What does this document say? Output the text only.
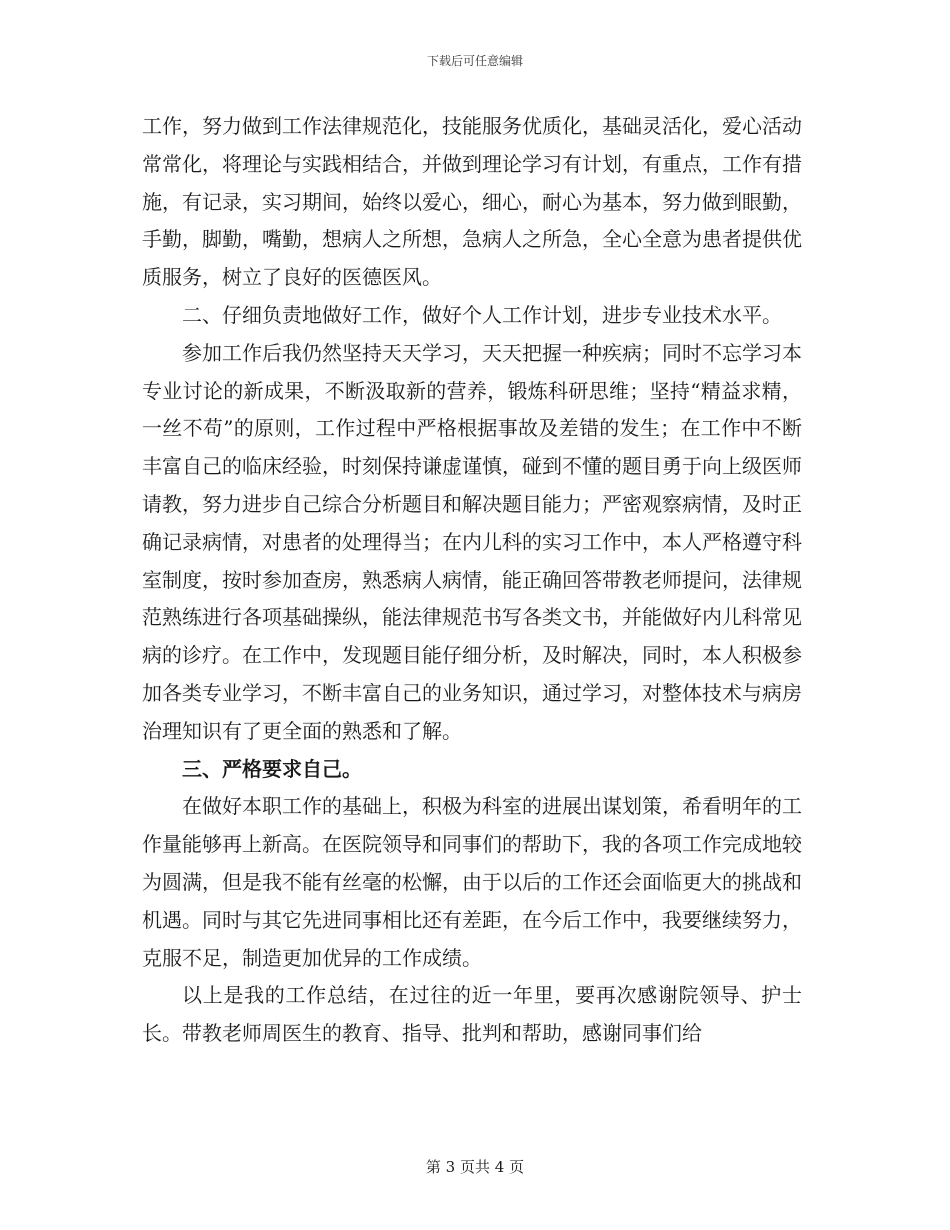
下载后可任意编辑

工作，努力做到工作法律规范化，技能服务优质化，基础灵活化，爱心活动常常化，将理论与实践相结合，并做到理论学习有计划，有重点，工作有措施，有记录，实习期间，始终以爱心，细心，耐心为基本，努力做到眼勤，手勤，脚勤，嘴勤，想病人之所想，急病人之所急，全心全意为患者提供优质服务，树立了良好的医德医风。

二、仔细负责地做好工作，做好个人工作计划，进步专业技术水平。

参加工作后我仍然坚持天天学习，天天把握一种疾病；同时不忘学习本专业讨论的新成果，不断汲取新的营养，锻炼科研思维；坚持“精益求精，一丝不苟”的原则，工作过程中严格根据事故及差错的发生；在工作中不断丰富自己的临床经验，时刻保持谦虚谨慎，碰到不懂的题目勇于向上级医师请教，努力进步自己综合分析题目和解决题目能力；严密观察病情，及时正确记录病情，对患者的处理得当；在内儿科的实习工作中，本人严格遵守科室制度，按时参加查房，熟悉病人病情，能正确回答带教老师提问，法律规范熟练进行各项基础操纵，能法律规范书写各类文书，并能做好内儿科常见病的诊疗。在工作中，发现题目能仔细分析，及时解决，同时，本人积极参加各类专业学习，不断丰富自己的业务知识，通过学习，对整体技术与病房治理知识有了更全面的熟悉和了解。

三、严格要求自己。

在做好本职工作的基础上，积极为科室的进展出谋划策，希看明年的工作量能够再上新高。在医院领导和同事们的帮助下，我的各项工作完成地较为圆满，但是我不能有丝毫的松懈，由于以后的工作还会面临更大的挑战和机遇。同时与其它先进同事相比还有差距，在今后工作中，我要继续努力，克服不足，制造更加优异的工作成绩。

以上是我的工作总结，在过往的近一年里，要再次感谢院领导、护士长。带教老师周医生的教育、指导、批判和帮助，感谢同事们给

第 3 页共 4 页
